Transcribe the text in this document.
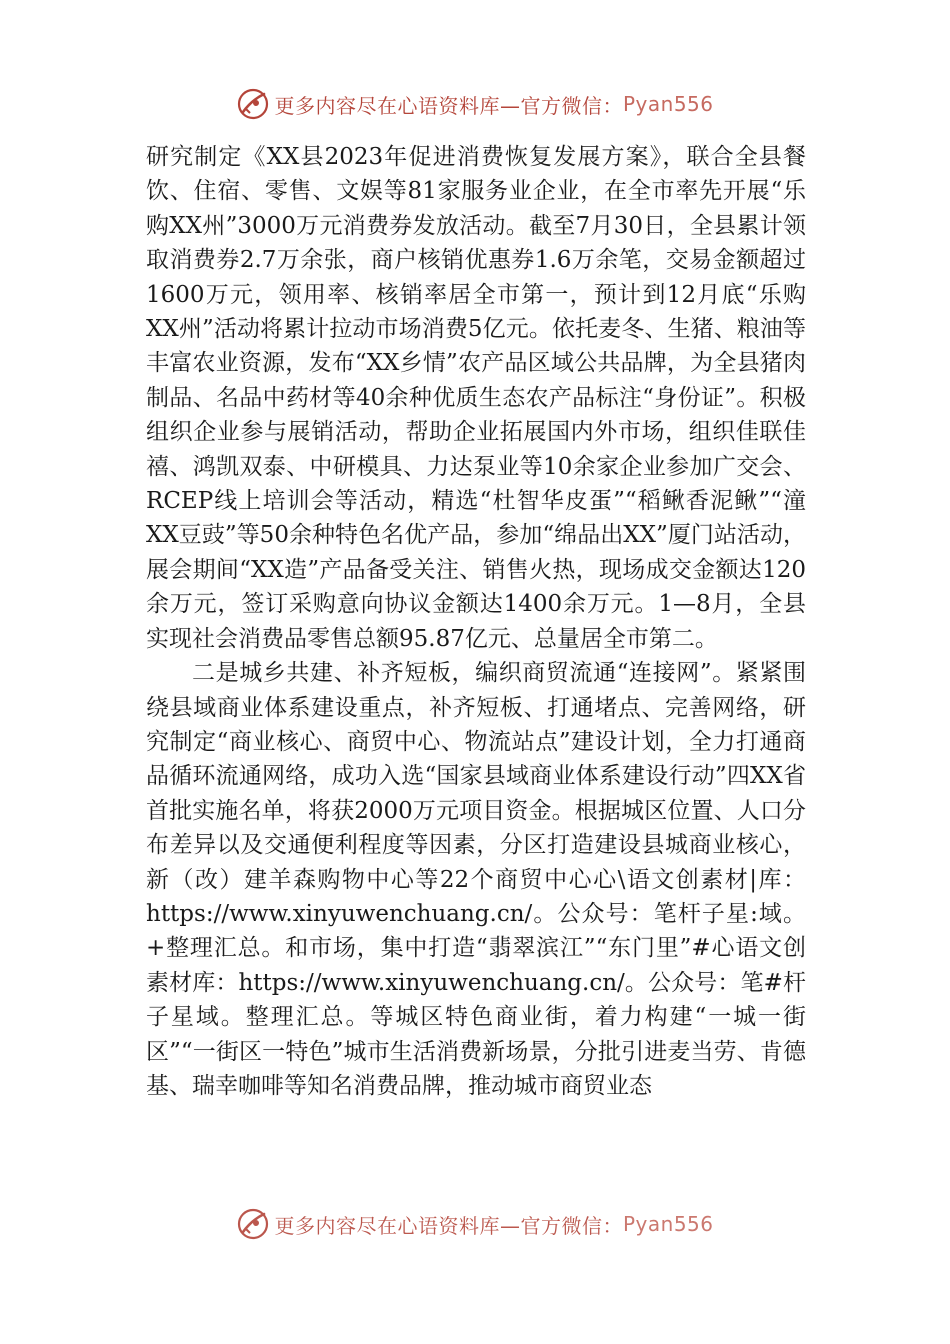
更多内容尽在心语资料库—官方微信： Pyan556

研究制定《XX县2023年促进消费恢复发展方案》，联合全县餐饮、住宿、零售、文娱等81家服务业企业，在全市率先开展“乐购XX州”3000万元消费券发放活动。截至7月30日，全县累计领取消费券2.7万余张，商户核销优惠券1.6万余笔，交易金额超过1600万元，领用率、核销率居全市第一，预计到12月底“乐购XX州”活动将累计拉动市场消费5亿元。依托麦冬、生猪、粮油等丰富农业资源，发布“XX乡情”农产品区域公共品牌，为全县猪肉制品、名品中药材等40余种优质生态农产品标注“身份证”。积极组织企业参与展销活动，帮助企业拓展国内外市场，组织佳联佳禧、鸿凯双泰、中研模具、力达泵业等10余家企业参加广交会、RCEP线上培训会等活动，精选“杜智华皮蛋”“稻鳅香泥鳅”“潼XX豆豉”等50余种特色名优产品，参加“绵品出XX”厦门站活动，展会期间“XX造”产品备受关注、销售火热，现场成交金额达120余万元，签订采购意向协议金额达1400余万元。1—8月，全县实现社会消费品零售总额95.87亿元、总量居全市第二。

二是城乡共建、补齐短板，编织商贸流通“连接网”。紧紧围绕县域商业体系建设重点，补齐短板、打通堵点、完善网络，研究制定“商业核心、商贸中心、物流站点”建设计划，全力打通商品循环流通网络，成功入选“国家县域商业体系建设行动”四XX省首批实施名单，将获2000万元项目资金。根据城区位置、人口分布差异以及交通便利程度等因素，分区打造建设县城商业核心，新（改）建羊森购物中心等22个商贸中心心\语文创素材|库：https://www.xinyuwenchuang.cn/。公众号：笔杆子星:域。+整理汇总。和市场，集中打造“翡翠滨江”“东门里”#心语文创素材库：https://www.xinyuwenchuang.cn/。公众号：笔#杆子星域。整理汇总。等城区特色商业街，着力构建“一城一街区”“一街区一特色”城市生活消费新场景，分批引进麦当劳、肯德基、瑞幸咖啡等知名消费品牌，推动城市商贸业态

更多内容尽在心语资料库—官方微信： Pyan556
